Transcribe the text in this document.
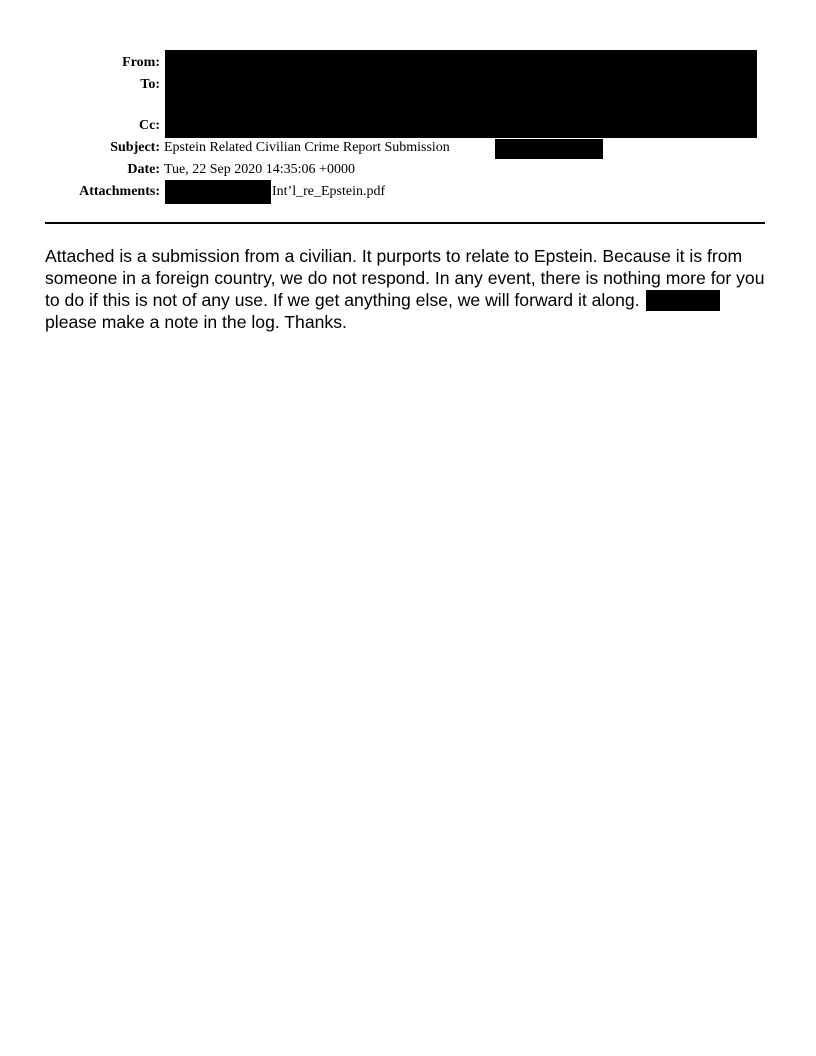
From:
To:
Cc:
Subject:
Date:
Attachments:
Epstein Related Civilian Crime Report Submission
Tue, 22 Sep 2020 14:35:06 +0000
Int’l_re_Epstein.pdf
Attached is a submission from a civilian. It purports to relate to Epstein. Because it is from someone in a foreign country, we do not respond. In any event, there is nothing more for you to do if this is not of any use. If we get anything else, we will forward it along.  please make a note in the log. Thanks.
